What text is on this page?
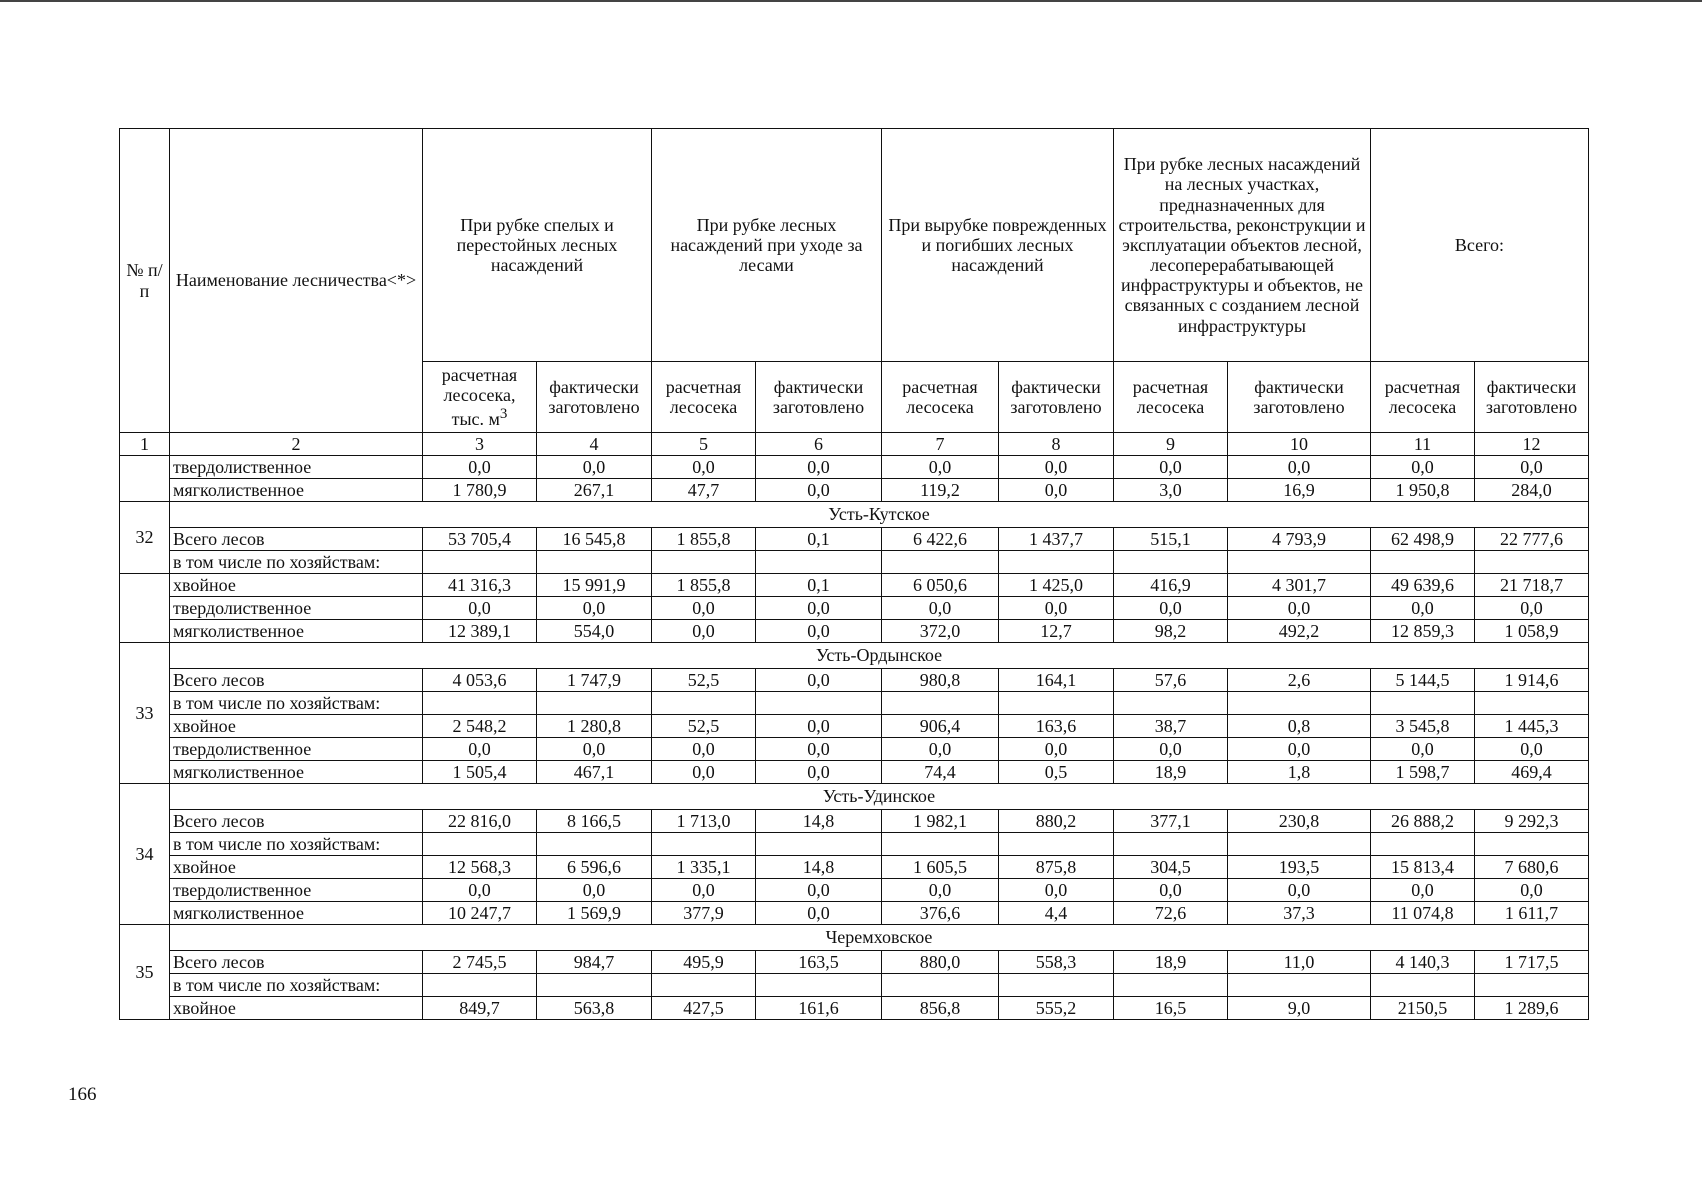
№ п/п	Наименование лесничества<*>	При рубке спелых и перестойных лесных насаждений		При рубке лесных насаждений при уходе за лесами		При вырубке поврежденных и погибших лесных насаждений		При рубке лесных насаждений на лесных участках, предназначенных для строительства, реконструкции и эксплуатации объектов лесной, лесоперерабатывающей инфраструктуры и объектов, не связанных с созданием лесной инфраструктуры		Всего:	
		расчетная лесосека, тыс. $м^3$	фактически заготовлено	расчетная лесосека	фактически заготовлено	расчетная лесосека	фактически заготовлено	расчетная лесосека	фактически заготовлено	расчетная лесосека	фактически заготовлено
1	2	3	4	5	6	7	8	9	10	11	12
	твердолиственное	0,0	0,0	0,0	0,0	0,0	0,0	0,0	0,0	0,0	0,0
	мягколиственное	1 780,9	267,1	47,7	0,0	119,2	0,0	3,0	16,9	1 950,8	284,0
32	Усть-Кутское										
	Всего лесов	53 705,4	16 545,8	1 855,8	0,1	6 422,6	1 437,7	515,1	4 793,9	62 498,9	22 777,6
	в том числе по хозяйствам:										
	хвойное	41 316,3	15 991,9	1 855,8	0,1	6 050,6	1 425,0	416,9	4 301,7	49 639,6	21 718,7
	твердолиственное	0,0	0,0	0,0	0,0	0,0	0,0	0,0	0,0	0,0	0,0
	мягколиственное	12 389,1	554,0	0,0	0,0	372,0	12,7	98,2	492,2	12 859,3	1 058,9
33	Усть-Ордынское										
	Всего лесов	4 053,6	1 747,9	52,5	0,0	980,8	164,1	57,6	2,6	5 144,5	1 914,6
	в том числе по хозяйствам:										
	хвойное	2 548,2	1 280,8	52,5	0,0	906,4	163,6	38,7	0,8	3 545,8	1 445,3
	твердолиственное	0,0	0,0	0,0	0,0	0,0	0,0	0,0	0,0	0,0	0,0
	мягколиственное	1 505,4	467,1	0,0	0,0	74,4	0,5	18,9	1,8	1 598,7	469,4
34	Усть-Удинское										
	Всего лесов	22 816,0	8 166,5	1 713,0	14,8	1 982,1	880,2	377,1	230,8	26 888,2	9 292,3
	в том числе по хозяйствам:										
	хвойное	12 568,3	6 596,6	1 335,1	14,8	1 605,5	875,8	304,5	193,5	15 813,4	7 680,6
	твердолиственное	0,0	0,0	0,0	0,0	0,0	0,0	0,0	0,0	0,0	0,0
	мягколиственное	10 247,7	1 569,9	377,9	0,0	376,6	4,4	72,6	37,3	11 074,8	1 611,7
35	Черемховское										
	Всего лесов	2 745,5	984,7	495,9	163,5	880,0	558,3	18,9	11,0	4 140,3	1 717,5
	в том числе по хозяйствам:										
	хвойное	849,7	563,8	427,5	161,6	856,8	555,2	16,5	9,0	2150,5	1 289,6
166
